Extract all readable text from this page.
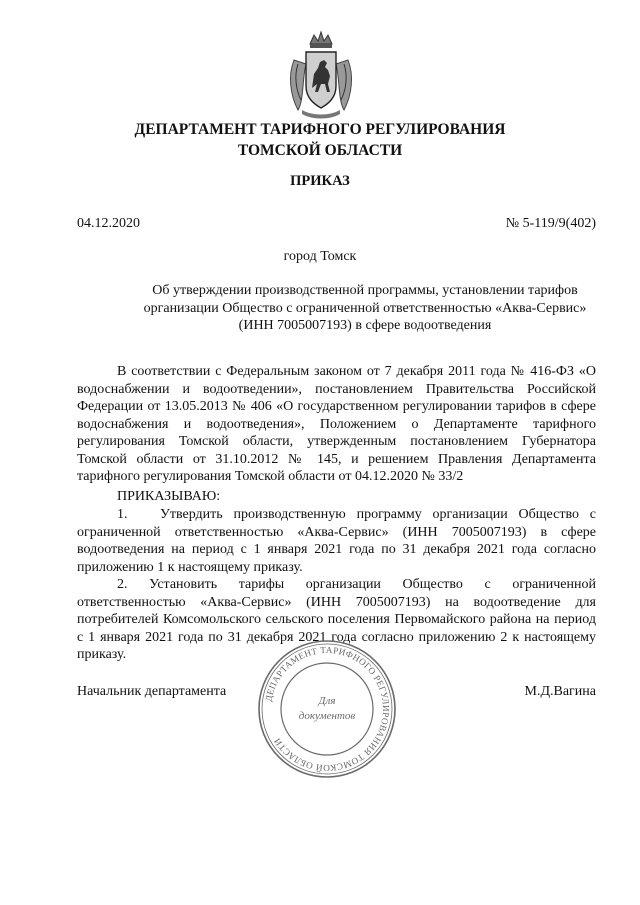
ДЕПАРТАМЕНТ ТАРИФНОГО РЕГУЛИРОВАНИЯ
ТОМСКОЙ ОБЛАСТИ
ПРИКАЗ
04.12.2020	№ 5-119/9(402)
город Томск
Об утверждении производственной программы, установлении тарифов
организации Общество с ограниченной ответственностью «Аква-Сервис»
(ИНН 7005007193) в сфере водоотведения

В соответствии с Федеральным законом от 7 декабря 2011 года № 416-ФЗ «О водоснабжении и водоотведении», постановлением Правительства Российской Федерации от 13.05.2013 № 406 «О государственном регулировании тарифов в сфере водоснабжения и водоотведения», Положением о Департаменте тарифного регулирования Томской области, утвержденным постановлением Губернатора Томской области от 31.10.2012 № 145, и решением Правления Департамента тарифного регулирования Томской области от 04.12.2020 № 33/2

ПРИКАЗЫВАЮ:

1.   Утвердить производственную программу организации Общество с ограниченной ответственностью «Аква-Сервис» (ИНН 7005007193) в сфере водоотведения на период с 1 января 2021 года по 31 декабря 2021 года согласно приложению 1 к настоящему приказу.

2. Установить тарифы организации Общество с ограниченной ответственностью «Аква-Сервис» (ИНН 7005007193) на водоотведение для потребителей Комсомольского сельского поселения Первомайского района на период с 1 января 2021 года по 31 декабря 2021 года согласно приложению 2 к настоящему приказу.

Начальник департамента	М.Д.Вагина
ДЕПАРТАМЕНТ ТАРИФНОГО РЕГУЛИРОВАНИЯ ТОМСКОЙ ОБЛАСТИ
Для
документов
